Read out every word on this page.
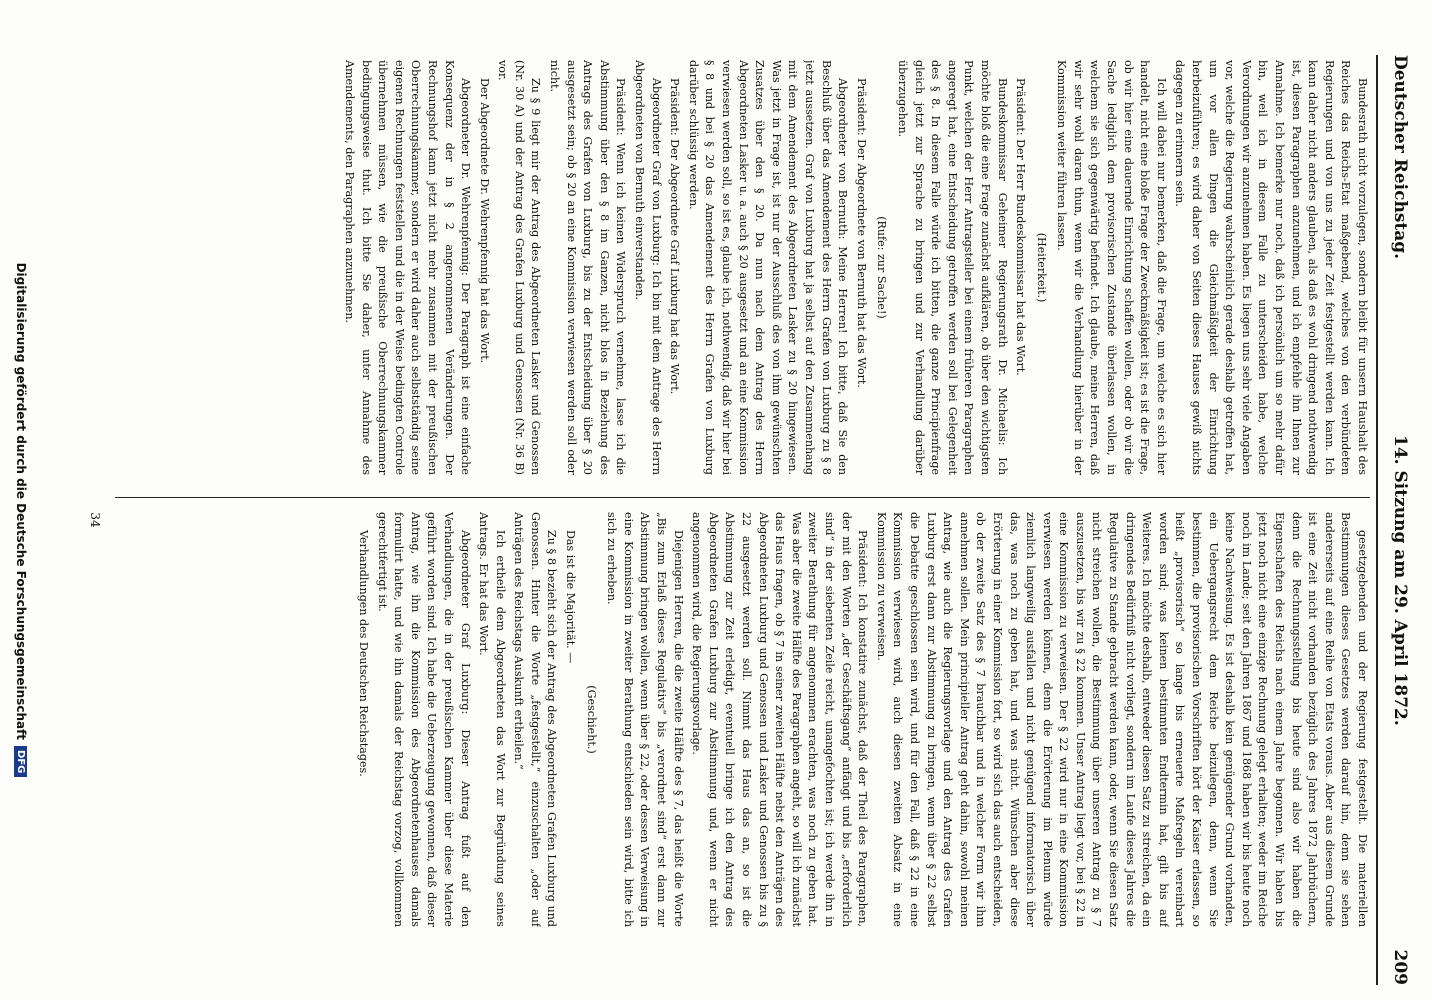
Deutscher Reichstag.
14. Sitzung am 29. April 1872.
209

Bundesrath nicht vorzulegen, sondern bleibt für unsern Haushalt des Reiches das Reichs-Etat maßgebend, welches von den verbündeten Regierungen und von uns zu jeder Zeit festgestellt werden kann. Ich kann daher nicht anders glauben, als daß es wohl dringend nothwendig ist, diesen Paragraphen anzunehmen, und ich empfehle ihn Ihnen zur Annahme. Ich bemerke nur noch, daß ich persönlich um so mehr dafür bin, weil ich in diesem Falle zu unterscheiden habe, welche Verordnungen wir anzunehmen haben. Es liegen uns sehr viele Angaben vor, welche die Regierung wahrscheinlich gerade deshalb getroffen hat, um vor allen Dingen die Gleichmäßigkeit der Einrichtung herbeizuführen; es wird daher von Seiten dieses Hauses gewiß nichts dagegen zu erinnern sein.

Ich will dabei nur bemerken, daß die Frage, um welche es sich hier handelt, nicht eine bloße Frage der Zweckmäßigkeit ist; es ist die Frage, ob wir hier eine dauernde Einrichtung schaffen wollen, oder ob wir die Sache lediglich dem provisorischen Zustande überlassen wollen, in welchem sie sich gegenwärtig befindet. Ich glaube, meine Herren, daß wir sehr wohl daran thun, wenn wir die Verhandlung hierüber in der Kommission weiter führen lassen.

(Heiterkeit.)

Präsident: Der Herr Bundeskommissar hat das Wort.

Bundeskommissar Geheimer Regierungsrath Dr. Michaelis: Ich möchte bloß die eine Frage zunächst aufklären, ob über den wichtigsten Punkt, welchen der Herr Antragsteller bei einem früheren Paragraphen angeregt hat, eine Entscheidung getroffen werden soll bei Gelegenheit des § 8. In diesem Falle würde ich bitten, die ganze Principienfrage gleich jetzt zur Sprache zu bringen und zur Verhandlung darüber überzugehen.

(Rufe: zur Sache!)

Präsident: Der Abgeordnete von Bernuth hat das Wort.

Abgeordneter von Bernuth: Meine Herren! Ich bitte, daß Sie den Beschluß über das Amendement des Herrn Grafen von Luxburg zu § 8 jetzt aussetzen. Graf von Luxburg hat ja selbst auf den Zusammenhang mit dem Amendement des Abgeordneten Lasker zu § 20 hingewiesen. Was jetzt in Frage ist, ist nur der Ausschluß des von ihm gewünschten Zusatzes über den § 20. Da nun nach dem Antrag des Herrn Abgeordneten Lasker u. a. auch § 20 ausgesetzt und an eine Kommission verwiesen werden soll, so ist es, glaube ich, nothwendig, daß wir hier bei § 8 und bei § 20 das Amendement des Herrn Grafen von Luxburg darüber schlüssig werden.

Präsident: Der Abgeordnete Graf Luxburg hat das Wort.

Abgeordneter Graf von Luxburg: Ich bin mit dem Antrage des Herrn Abgeordneten von Bernuth einverstanden.

Präsident: Wenn ich keinen Widerspruch vernehme, lasse ich die Abstimmung über den § 8 im Ganzen, nicht blos in Beziehung des Antrags des Grafen von Luxburg, bis zu der Entscheidung über § 20 ausgesetzt sein; ob § 20 an eine Kommission verwiesen werden soll oder nicht.

Zu § 9 liegt mir der Antrag des Abgeordneten Lasker und Genossen (Nr. 30 A) und der Antrag des Grafen Luxburg und Genossen (Nr. 36 B) vor.

Der Abgeordnete Dr. Wehrenpfennig hat das Wort.

Abgeordneter Dr. Wehrenpfennig: Der Paragraph ist eine einfache Konsequenz der in § 2 angenommenen Veränderungen. Der Rechnungshof kann jetzt nicht mehr zusammen mit der preußischen Oberrechnungskammer, sondern er wird daher auch selbstständig seine eigenen Rechnungen feststellen und die in der Weise bedingten Controle übernehmen müssen, wie die preußische Oberrechnungskammer bedingungsweise thut. Ich bitte Sie daher, unter Annahme des Amendements, den Paragraphen anzunehmen.

gesetzgebenden und der Regierung festgestellt. Die materiellen Bestimmungen dieses Gesetzes werden darauf hin, denn sie sehen andererseits auf eine Reihe von Etats voraus. Aber aus diesem Grunde ist eine Zeit nicht vorhanden bezüglich des Jahres 1872 Jahrbüchern, denn die Rechnungsstellung bis heute sind also wir haben die Eigenschaften des Reichs nach einem Jahre begonnen. Wir haben bis jetzt noch nicht eine einzige Rechnung gelegt erhalten; weder im Reiche noch im Lande; seit den Jahren 1867 und 1868 haben wir bis heute noch keine Nachweisung. Es ist deshalb kein genügender Grund vorhanden, ein Uebergangsrecht dem Reiche beizulegen, denn, wenn Sie bestimmen, die provisorischen Vorschriften hört der Kaiser erlassen, so heißt „provisorisch“ so lange bis erneuerte Maßregeln vereinbart worden sind; was keinen bestimmten Endtermin hat, gilt bis auf Weiteres. Ich möchte deshalb, entweder diesen Satz zu streichen, da ein dringendes Bedürfniß nicht vorliegt, sondern im Laufe dieses Jahres die Regulative zu Stande gebracht werden kann, oder, wenn Sie diesen Satz nicht streichen wollen, die Bestimmung über unseren Antrag zu § 7 auszusetzen, bis wir zu § 22 kommen. Unser Antrag liegt vor, bei § 22 in eine Kommission zu verweisen. Der § 22 wird nur in eine Kommission verwiesen werden können, denn die Erörterung im Plenum würde ziemlich langweilig ausfallen und nicht genügend informatorisch über das, was noch zu geben hat, und was nicht. Wünschen aber diese Erörterung in einer Kommission fort, so wird sich das auch entscheiden, ob der zweite Satz des § 7 brauchbar und in welcher Form wir ihm annehmen sollen. Mein principieller Antrag geht dahin, sowohl meinen Antrag, wie auch die Regierungsvorlage und den Antrag des Grafen Luxburg erst dann zur Abstimmung zu bringen, wenn über § 22 selbst die Debatte geschlossen sein wird, und für den Fall, daß § 22 in eine Kommission verwiesen wird, auch diesen zweiten Absatz in eine Kommission zu verweisen.

Präsident: Ich konstatire zunächst, daß der Theil des Paragraphen, der mit den Worten „der Geschäftsgang“ anfängt und bis „erforderlich sind“ in der siebenten Zeile reicht, unangefochten ist; ich werde ihn in zweiter Berathung für angenommen erachten, was noch zu geben hat. Was aber die zweite Hälfte des Paragraphen angeht, so will ich zunächst das Haus fragen, ob § 7 in seiner zweiten Hälfte nebst den Anträgen des Abgeordneten Luxburg und Genossen und Lasker und Genossen bis zu § 22 ausgesetzt werden soll. Nimmt das Haus das an, so ist die Abstimmung zur Zeit erledigt, eventuell bringe ich den Antrag des Abgeordneten Grafen Luxburg zur Abstimmung und, wenn er nicht angenommen wird, die Regierungsvorlage.

Diejenigen Herren, die die zweite Hälfte des § 7, das heißt die Worte „Bis zum Erlaß dieses Regulativs“ bis „verordnet sind“ erst dann zur Abstimmung bringen wollen, wenn über § 22, oder dessen Verweisung in eine Kommission in zweiter Berathung entschieden sein wird, bitte ich sich zu erheben.

(Geschieht.)

Das ist die Majorität. —

Zu § 8 bezieht sich der Antrag des Abgeordneten Grafen Luxburg und Genossen. Hinter die Worte „festgestellt,“ einzuschalten „oder auf Anträgen des Reichstags Auskunft ertheilen.“

Ich ertheile dem Abgeordneten das Wort zur Begründung seines Antrags. Er hat das Wort.

Abgeordneter Graf Luxburg: Dieser Antrag fußt auf den Verhandlungen, die in der preußischen Kammer über diese Materie geführt worden sind. Ich habe die Ueberzeugung gewonnen, daß dieser Antrag, wie ihn die Kommission des Abgeordnetenhauses damals formulirt hatte, und wie ihn damals der Reichstag vorzog, vollkommen gerechtfertigt ist.

Verhandlungen des Deutschen Reichstages.

34
Digitalisierung gefördert durch die Deutsche ForschungsgemeinschaftDFG
